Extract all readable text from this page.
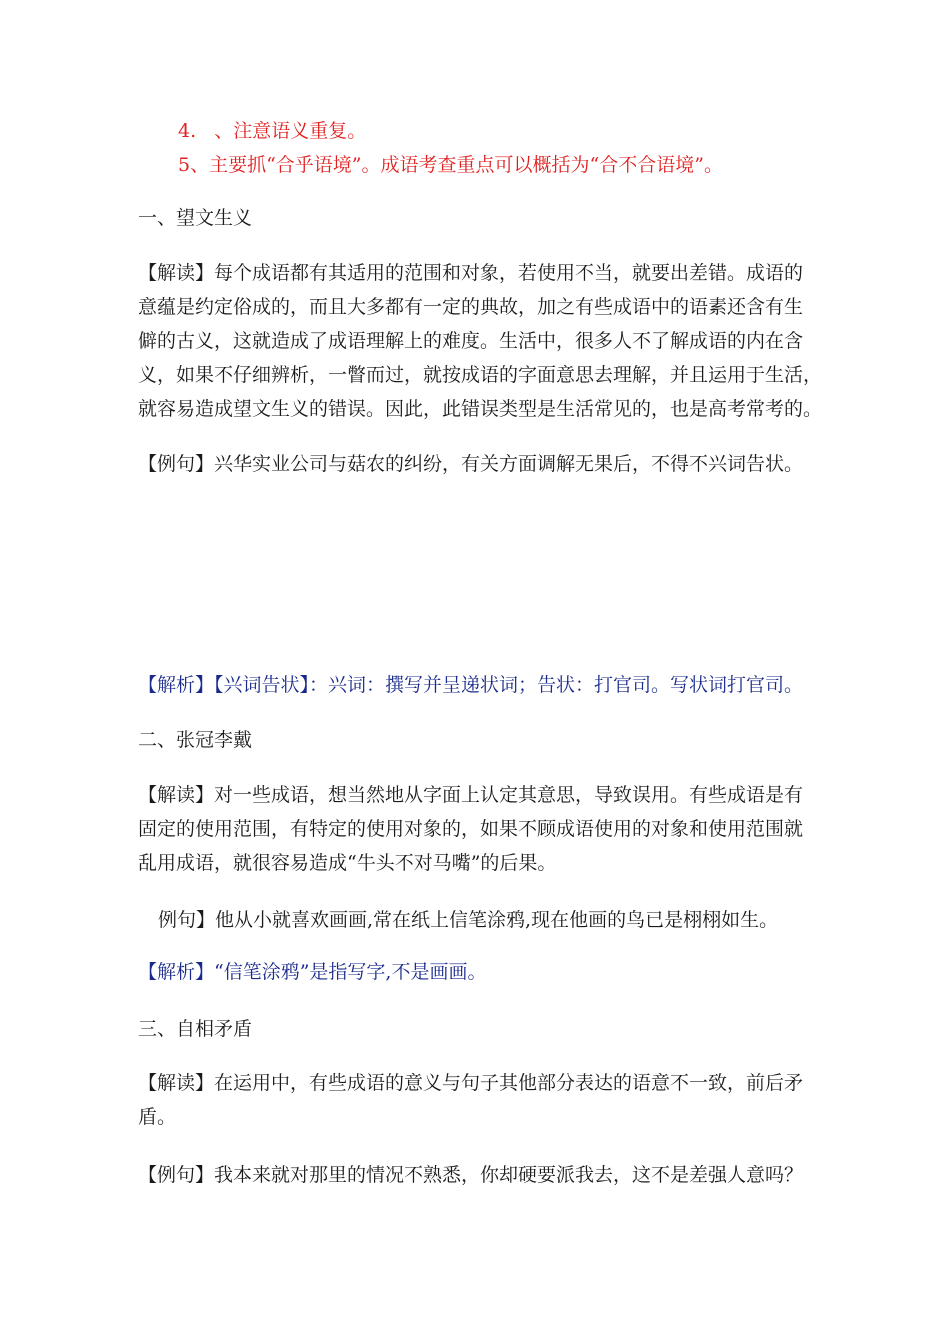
4.   、注意语义重复。
5、主要抓“合乎语境”。成语考查重点可以概括为“合不合语境”。
一、望文生义

【解读】每个成语都有其适用的范围和对象，若使用不当，就要出差错。成语的

意蕴是约定俗成的，而且大多都有一定的典故，加之有些成语中的语素还含有生

僻的古义，这就造成了成语理解上的难度。生活中，很多人不了解成语的内在含

义，如果不仔细辨析，一瞥而过，就按成语的字面意思去理解，并且运用于生活，

就容易造成望文生义的错误。因此，此错误类型是生活常见的，也是高考常考的。

【例句】兴华实业公司与菇农的纠纷，有关方面调解无果后，不得不兴词告状。
【解析】【兴词告状】：兴词：撰写并呈递状词；告状：打官司。写状词打官司。
二、张冠李戴

【解读】对一些成语，想当然地从字面上认定其意思，导致误用。有些成语是有

固定的使用范围，有特定的使用对象的，如果不顾成语使用的对象和使用范围就

乱用成语，就很容易造成“牛头不对马嘴”的后果。

例句】他从小就喜欢画画,常在纸上信笔涂鸦,现在他画的鸟已是栩栩如生。
【解析】“信笔涂鸦”是指写字,不是画画。
三、自相矛盾

【解读】在运用中，有些成语的意义与句子其他部分表达的语意不一致，前后矛

盾。

【例句】我本来就对那里的情况不熟悉，你却硬要派我去，这不是差强人意吗？
